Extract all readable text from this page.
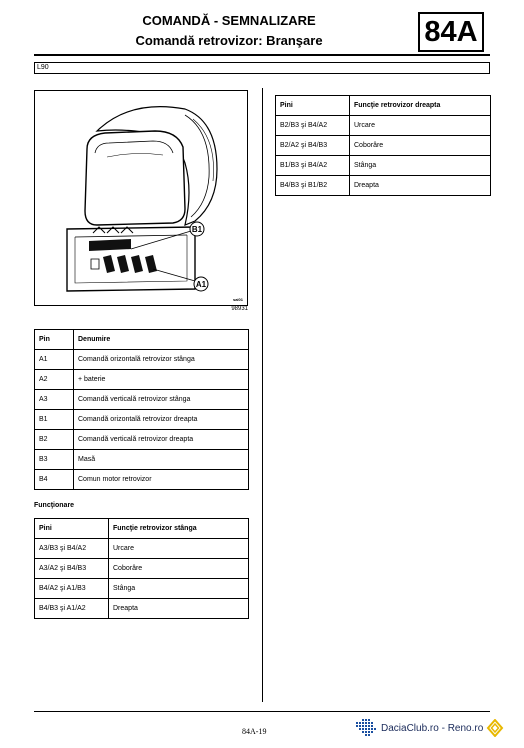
COMANDĂ - SEMNALIZARE
Comandă retrovizor: Branşare	84A
L90
B1
A1
sai01
98931
Pin	Denumire
A1	Comandă orizontală retrovizor stânga
A2	+ baterie
A3	Comandă verticală retrovizor stânga
B1	Comandă orizontală retrovizor dreapta
B2	Comandă verticală retrovizor dreapta
B3	Masă
B4	Comun motor retrovizor
Funcţionare
Pini	Funcţie retrovizor stânga
A3/B3 şi B4/A2	Urcare
A3/A2 şi B4/B3	Coborâre
B4/A2 şi A1/B3	Stânga
B4/B3 şi A1/A2	Dreapta
Pini	Funcţie retrovizor dreapta
B2/B3 şi B4/A2	Urcare
B2/A2 şi B4/B3	Coborâre
B1/B3 şi B4/A2	Stânga
B4/B3 şi B1/B2	Dreapta
84A-19	DaciaClub.ro - Reno.ro
